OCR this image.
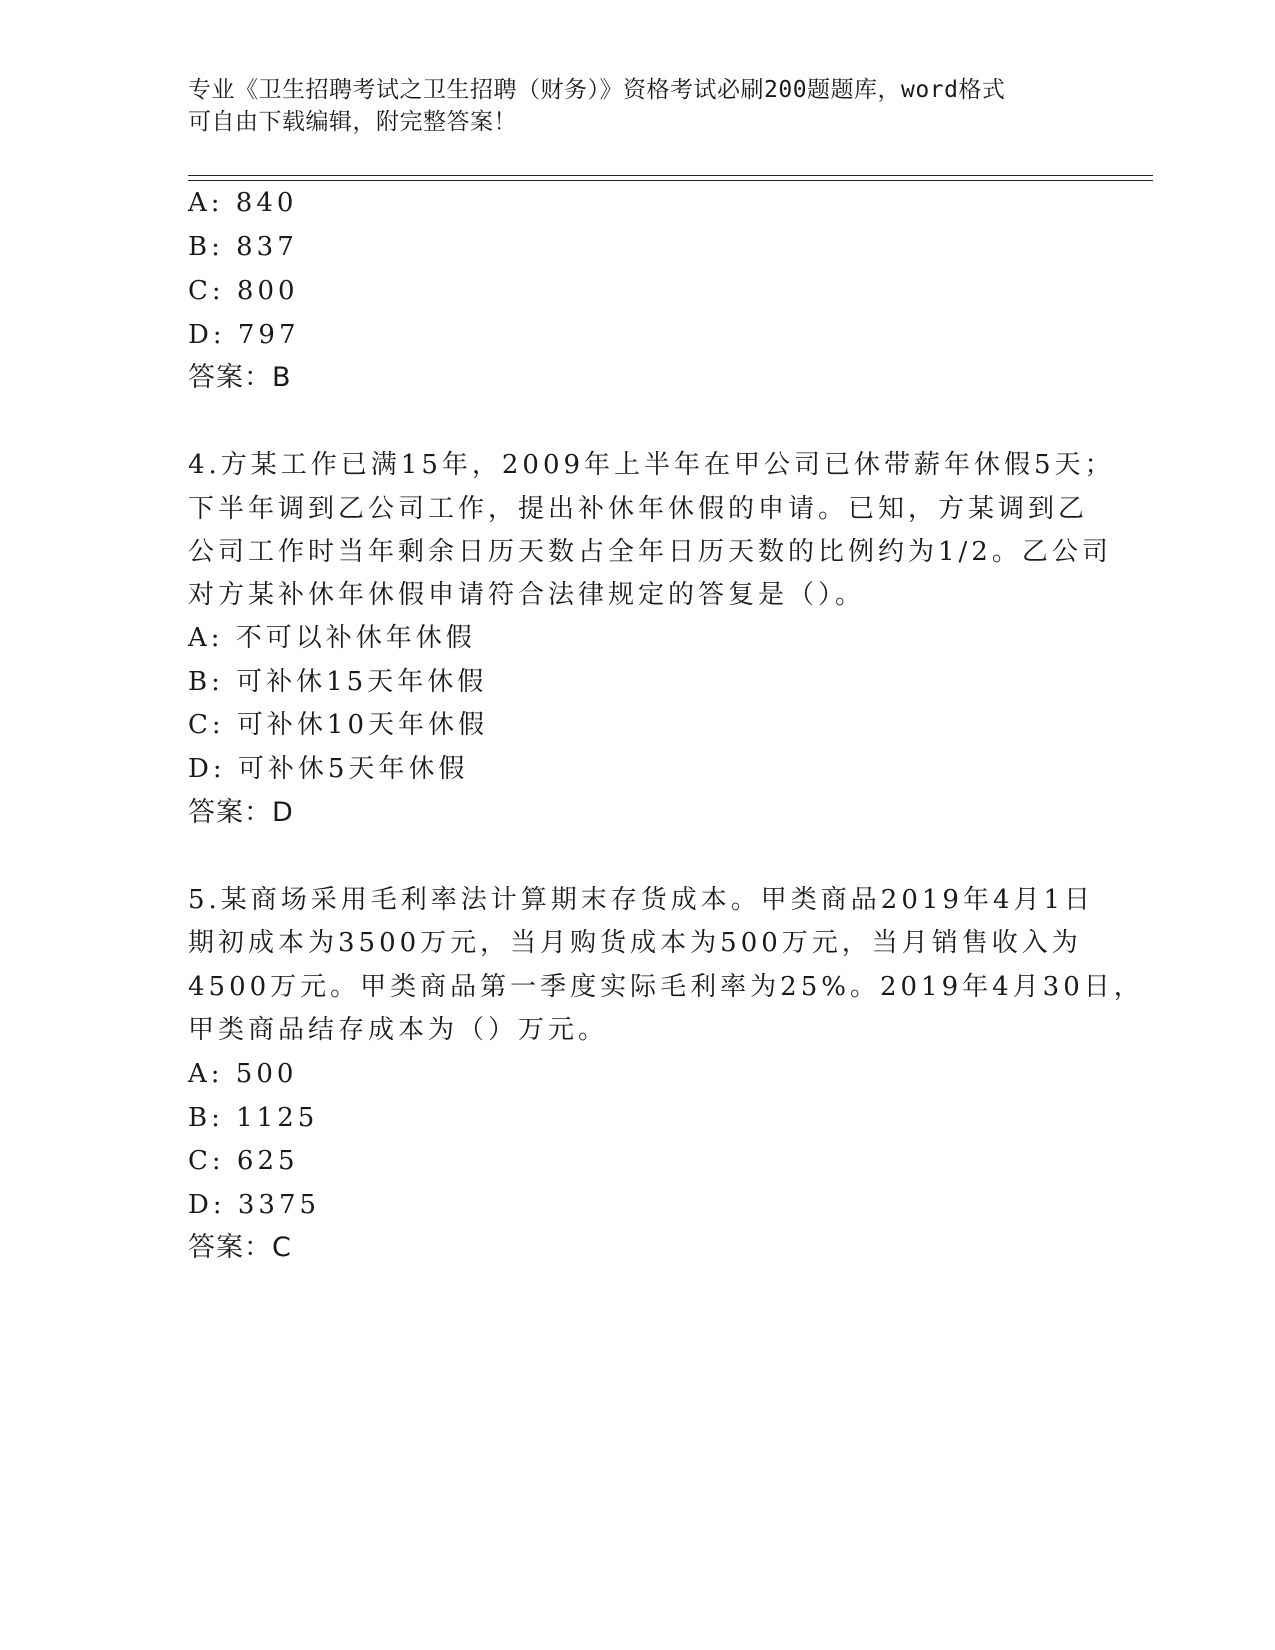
专业《卫生招聘考试之卫生招聘（财务）》资格考试必刷200题题库，word格式
可自由下载编辑，附完整答案！
A: 840
B: 837
C: 800
D: 797
答案：B
4.方某工作已满15年，2009年上半年在甲公司已休带薪年休假5天；
下半年调到乙公司工作，提出补休年休假的申请。已知，方某调到乙
公司工作时当年剩余日历天数占全年日历天数的比例约为1/2。乙公司
对方某补休年休假申请符合法律规定的答复是（）。
A: 不可以补休年休假
B: 可补休15天年休假
C: 可补休10天年休假
D: 可补休5天年休假
答案：D
5.某商场采用毛利率法计算期末存货成本。甲类商品2019年4月1日
期初成本为3500万元，当月购货成本为500万元，当月销售收入为
4500万元。甲类商品第一季度实际毛利率为25%。2019年4月30日，
甲类商品结存成本为（）万元。
A: 500
B: 1125
C: 625
D: 3375
答案：C
